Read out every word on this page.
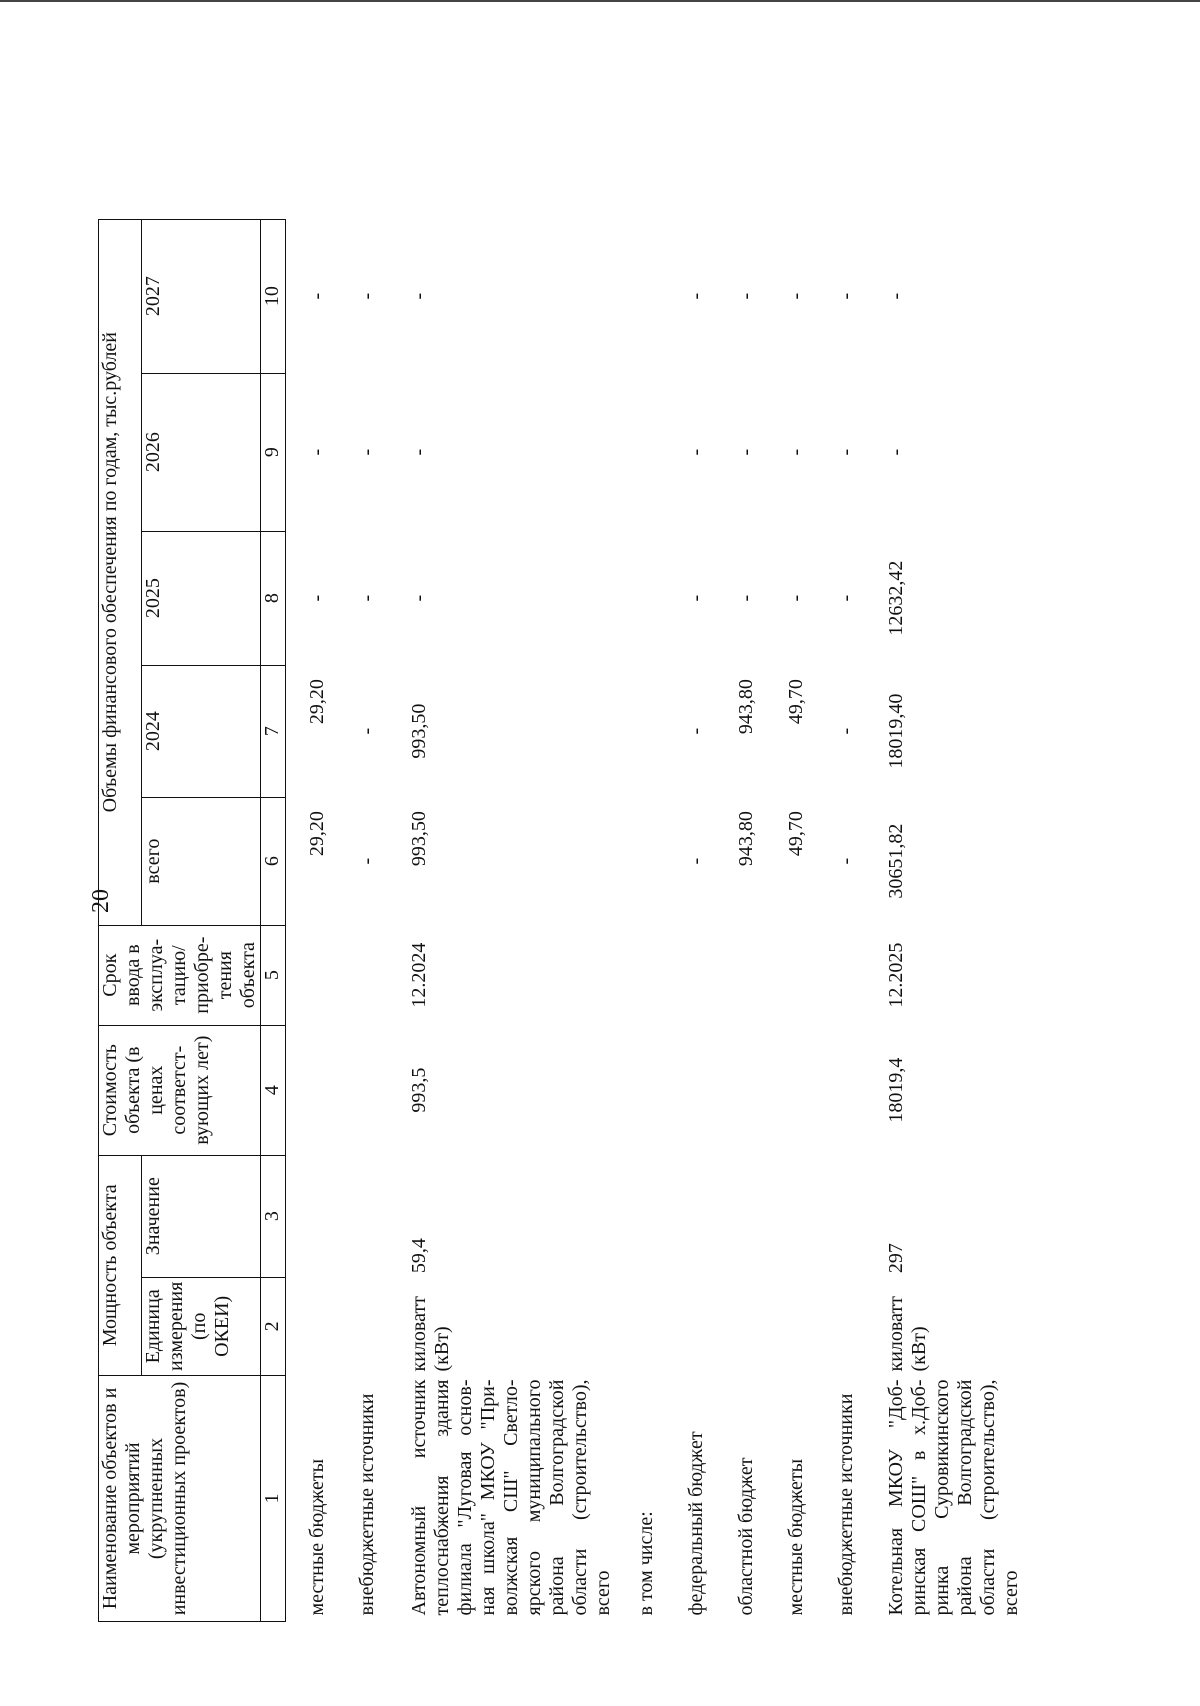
20
Наименование объектов и мероприятий (укрупненных инвестиционных проектов)	Мощность объекта		Стоимость объекта (в ценах соответст-вующих лет)	Срок ввода в эксплуа-тацию/ приобре-тения объекта	Объемы финансового обеспечения по годам, тыс.рублей				
	Единица измерения (по ОКЕИ)	Значение			всего	2024	2025	2026	2027
1	2	3	4	5	6	7	8	9	10
местные бюджеты					29,20	29,20	-	-	-
внебюджетные источники					-	-	-	-	-
Автономный источник теплоснабжения здания филиала "Луговая основ-ная школа" МКОУ "При-волжская СШ" Светло-ярского муниципального района Волгоградской области (строительство), всего	киловатт (кВт)	59,4	993,5	12.2024	993,50	993,50	-	-	-
в том числе:									
федеральный бюджет					-	-	-	-	-
областной бюджет					943,80	943,80	-	-	-
местные бюджеты					49,70	49,70	-	-	-
внебюджетные источники					-	-	-	-	-
Котельная МКОУ "Доб-ринская СОШ" в х.Доб-ринка Суровикинского района Волгоградской области (строительство), всего	киловатт (кВт)	297	18019,4	12.2025	30651,82	18019,40	12632,42	-	-
